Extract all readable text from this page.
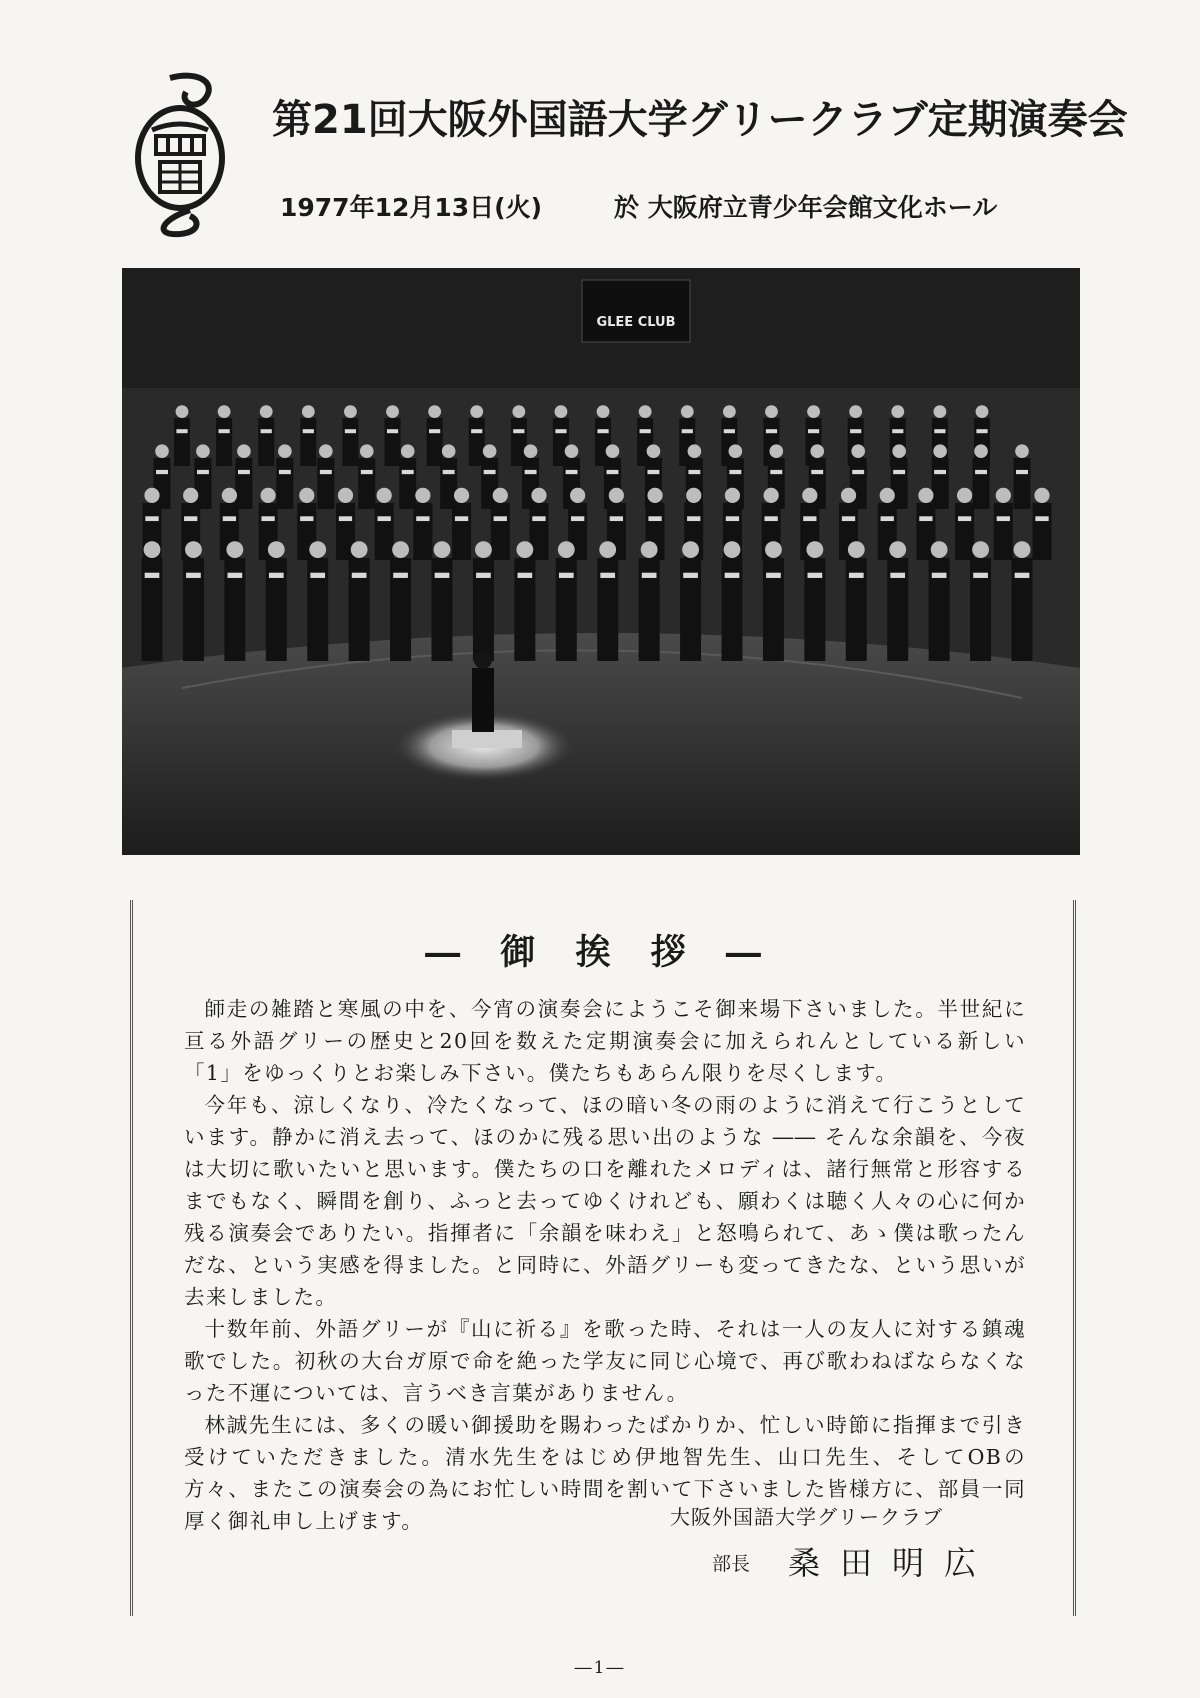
第21回大阪外国語大学グリークラブ定期演奏会
1977年12月13日(火)	於 大阪府立青少年会館文化ホール
GLEE CLUB
― 御 挨 拶 ―

師走の雑踏と寒風の中を、今宵の演奏会にようこそ御来場下さいました。半世紀に亘る外語グリーの歴史と20回を数えた定期演奏会に加えられんとしている新しい「1」をゆっくりとお楽しみ下さい。僕たちもあらん限りを尽くします。

今年も、涼しくなり、冷たくなって、ほの暗い冬の雨のように消えて行こうとしています。静かに消え去って、ほのかに残る思い出のような ―― そんな余韻を、今夜は大切に歌いたいと思います。僕たちの口を離れたメロディは、諸行無常と形容するまでもなく、瞬間を創り、ふっと去ってゆくけれども、願わくは聴く人々の心に何か残る演奏会でありたい。指揮者に「余韻を味わえ」と怒鳴られて、あゝ僕は歌ったんだな、という実感を得ました。と同時に、外語グリーも変ってきたな、という思いが去来しました。

十数年前、外語グリーが『山に祈る』を歌った時、それは一人の友人に対する鎮魂歌でした。初秋の大台ガ原で命を絶った学友に同じ心境で、再び歌わねばならなくなった不運については、言うべき言葉がありません。

林誠先生には、多くの暖い御援助を賜わったばかりか、忙しい時節に指揮まで引き受けていただきました。清水先生をはじめ伊地智先生、山口先生、そしてOBの方々、またこの演奏会の為にお忙しい時間を割いて下さいました皆様方に、部員一同厚く御礼申し上げます。	大阪外国語大学グリークラブ
部長 桑田明広
―1―
